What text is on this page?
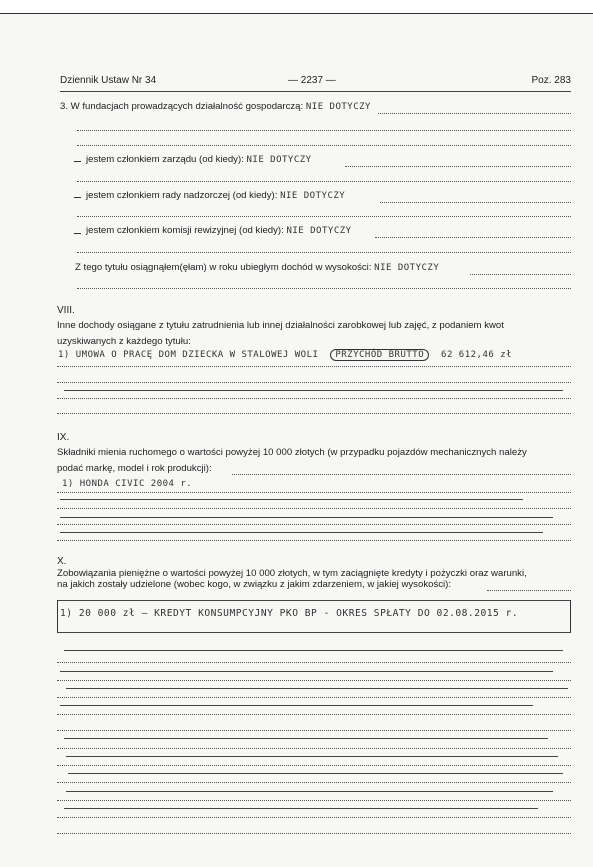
Dziennik Ustaw Nr 34	— 2237 —	Poz. 283
3. W fundacjach prowadzących działalność gospodarczą: NIE DOTYCZY
jestem członkiem zarządu (od kiedy): NIE DOTYCZY
jestem członkiem rady nadzorczej (od kiedy): NIE DOTYCZY
jestem członkiem komisji rewizyjnej (od kiedy): NIE DOTYCZY
Z tego tytułu osiągnąłem(ęłam) w roku ubiegłym dochód w wysokości: NIE DOTYCZY
VIII.
Inne dochody osiągane z tytułu zatrudnienia lub innej działalności zarobkowej lub zajęć, z podaniem kwot
uzyskiwanych z każdego tytułu:
1) UMOWA O PRACĘ DOM DZIECKA W STALOWEJ WOLI PRZYCHÓD BRUTTO 62 612,46 zł
IX.
Składniki mienia ruchomego o wartości powyżej 10 000 złotych (w przypadku pojazdów mechanicznych należy
podać markę, model i rok produkcji):
1) HONDA CIVIC 2004 r.
X.
Zobowiązania pieniężne o wartości powyżej 10 000 złotych, w tym zaciągnięte kredyty i pożyczki oraz warunki,
na jakich zostały udzielone (wobec kogo, w związku z jakim zdarzeniem, w jakiej wysokości):
1) 20 000 zł — KREDYT KONSUMPCYJNY PKO BP - OKRES SPŁATY DO 02.08.2015 r.
